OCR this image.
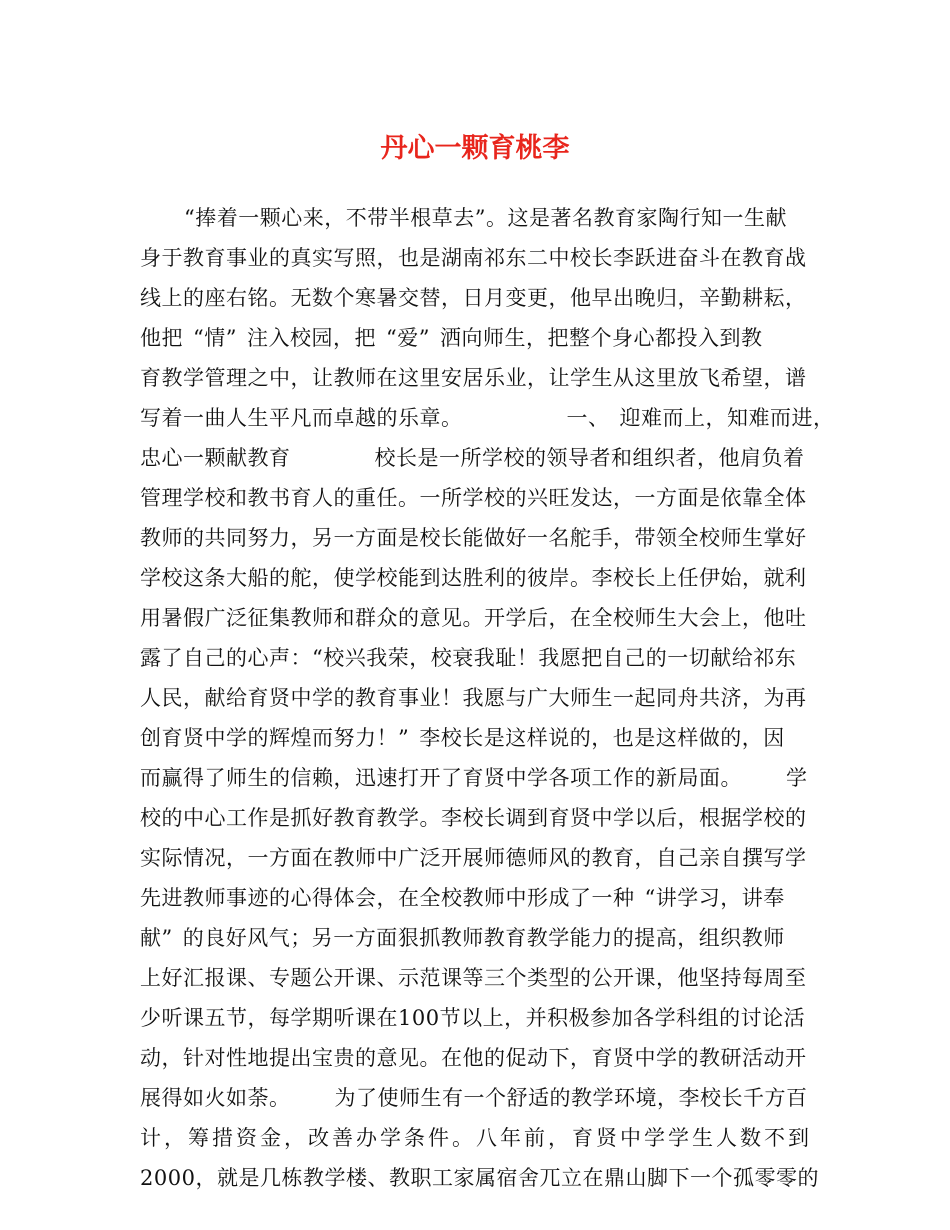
丹心一颗育桃李
“捧着一颗心来，不带半根草去”。这是著名教育家陶行知一生献
身于教育事业的真实写照，也是湖南祁东二中校长李跃进奋斗在教育战
线上的座右铭。无数个寒暑交替，日月变更，他早出晚归，辛勤耕耘，
他把 “情” 注入校园，把 “爱” 洒向师生，把整个身心都投入到教
育教学管理之中，让教师在这里安居乐业，让学生从这里放飞希望，谱
写着一曲人生平凡而卓越的乐章。	一、 迎难而上，知难而进，
忠心一颗献教育	校长是一所学校的领导者和组织者，他肩负着
管理学校和教书育人的重任。一所学校的兴旺发达，一方面是依靠全体
教师的共同努力，另一方面是校长能做好一名舵手，带领全校师生掌好
学校这条大船的舵，使学校能到达胜利的彼岸。李校长上任伊始，就利
用暑假广泛征集教师和群众的意见。开学后，在全校师生大会上，他吐
露了自己的心声：“校兴我荣，校衰我耻！我愿把自己的一切献给祁东
人民，献给育贤中学的教育事业！我愿与广大师生一起同舟共济，为再
创育贤中学的辉煌而努力！” 李校长是这样说的，也是这样做的，因
而赢得了师生的信赖，迅速打开了育贤中学各项工作的新局面。 学
校的中心工作是抓好教育教学。李校长调到育贤中学以后，根据学校的
实际情况，一方面在教师中广泛开展师德师风的教育，自己亲自撰写学
先进教师事迹的心得体会，在全校教师中形成了一种 “讲学习，讲奉
献” 的良好风气；另一方面狠抓教师教育教学能力的提高，组织教师
上好汇报课、专题公开课、示范课等三个类型的公开课，他坚持每周至
少听课五节，每学期听课在100节以上，并积极参加各学科组的讨论活
动，针对性地提出宝贵的意见。在他的促动下，育贤中学的教研活动开
展得如火如荼。 为了使师生有一个舒适的教学环境，李校长千方百
计，筹措资金，改善办学条件。八年前，育贤中学学生人数不到
2000，就是几栋教学楼、教职工家属宿舍兀立在鼎山脚下一个孤零零的
